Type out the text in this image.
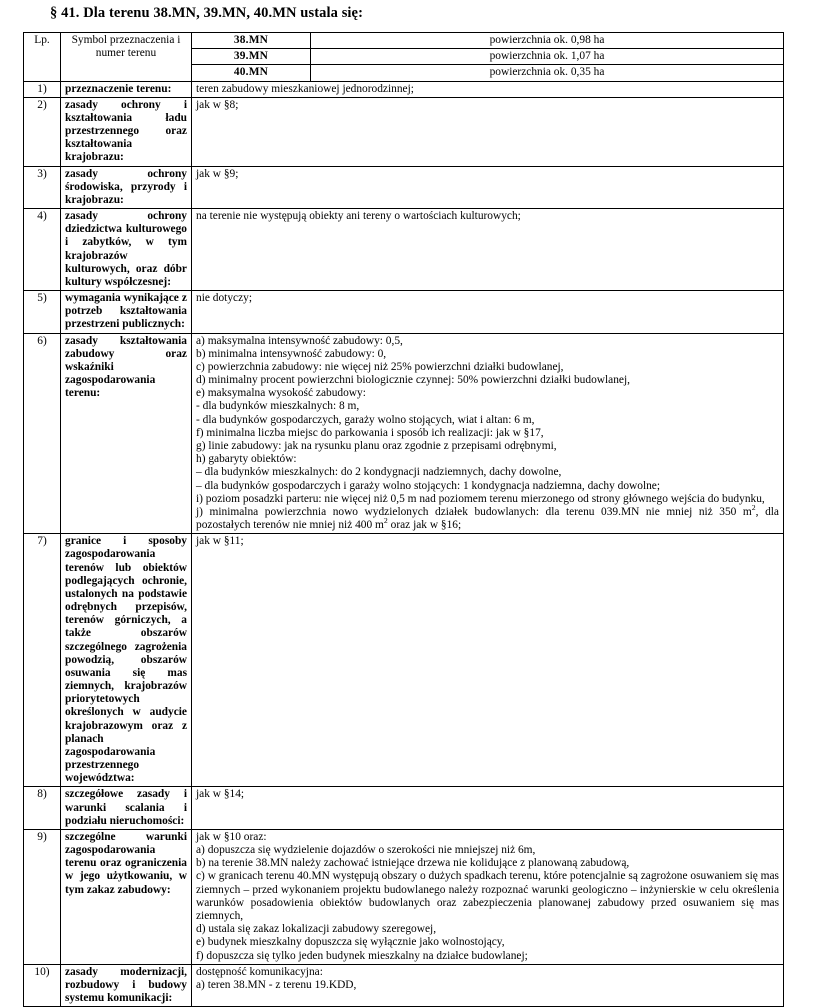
§ 41. Dla terenu 38.MN, 39.MN, 40.MN ustala się:
Lp.	Symbol przeznaczenia i numer terenu	38.MN	powierzchnia ok. 0,98 ha
		39.MN	powierzchnia ok. 1,07 ha
		40.MN	powierzchnia ok. 0,35 ha
1)	przeznaczenie terenu:	teren zabudowy mieszkaniowej jednorodzinnej;	

2)	zasady ochrony i kształtowania ładu przestrzennego oraz kształtowania krajobrazu:	jak w §8;	

3)	zasady ochrony środowiska, przyrody i krajobrazu:	jak w §9;	

4)	zasady ochrony dziedzictwa kulturowego i zabytków, w tym krajobrazów kulturowych, oraz dóbr kultury współczesnej:	na terenie nie występują obiekty ani tereny o wartościach kulturowych;	

5)	wymagania wynikające z potrzeb kształtowania przestrzeni publicznych:	nie dotyczy;	

6)	zasady kształtowania zabudowy oraz wskaźniki zagospodarowania terenu:	
a) maksymalna intensywność zabudowy: 0,5,
b) minimalna intensywność zabudowy: 0,
c) powierzchnia zabudowy: nie więcej niż 25% powierzchni działki budowlanej,
d) minimalny procent powierzchni biologicznie czynnej: 50% powierzchni działki budowlanej,
e) maksymalna wysokość zabudowy:
- dla budynków mieszkalnych: 8 m,
- dla budynków gospodarczych, garaży wolno stojących, wiat i altan: 6 m,
f) minimalna liczba miejsc do parkowania i sposób ich realizacji: jak w §17,
g) linie zabudowy: jak na rysunku planu oraz zgodnie z przepisami odrębnymi,
h) gabaryty obiektów:
– dla budynków mieszkalnych: do 2 kondygnacji nadziemnych, dachy dowolne,
– dla budynków gospodarczych i garaży wolno stojących: 1 kondygnacja nadziemna, dachy dowolne;
i) poziom posadzki parteru: nie więcej niż 0,5 m nad poziomem terenu mierzonego od strony głównego wejścia do budynku,
j) minimalna powierzchnia nowo wydzielonych działek budowlanych: dla terenu 039.MN nie mniej niż 350 $m^2$, dla pozostałych terenów nie mniej niż 400 $m^2$ oraz jak w §16;

7)	granice i sposoby zagospodarowania terenów lub obiektów podlegających ochronie, ustalonych na podstawie odrębnych przepisów, terenów górniczych, a także obszarów szczególnego zagrożenia powodzią, obszarów osuwania się mas ziemnych, krajobrazów priorytetowych określonych w audycie krajobrazowym oraz z planach zagospodarowania przestrzennego województwa:	jak w §11;	

8)	szczegółowe zasady i warunki scalania i podziału nieruchomości:	jak w §14;	

9)	szczególne warunki zagospodarowania terenu oraz ograniczenia w jego użytkowaniu, w tym zakaz zabudowy:	
jak w §10 oraz:
a) dopuszcza się wydzielenie dojazdów o szerokości nie mniejszej niż 6m,
b) na terenie 38.MN należy zachować istniejące drzewa nie kolidujące z planowaną zabudową,
c) w granicach terenu 40.MN występują obszary o dużych spadkach terenu, które potencjalnie są zagrożone osuwaniem się mas ziemnych – przed wykonaniem projektu budowlanego należy rozpoznać warunki geologiczno – inżynierskie w celu określenia warunków posadowienia obiektów budowlanych oraz zabezpieczenia planowanej zabudowy przed osuwaniem się mas ziemnych,
d) ustala się zakaz lokalizacji zabudowy szeregowej,
e) budynek mieszkalny dopuszcza się wyłącznie jako wolnostojący,
f) dopuszcza się tylko jeden budynek mieszkalny na działce budowlanej;

10)	zasady modernizacji, rozbudowy i budowy systemu komunikacji:	dostępność komunikacyjna:
a) teren 38.MN - z terenu 19.KDD,	
